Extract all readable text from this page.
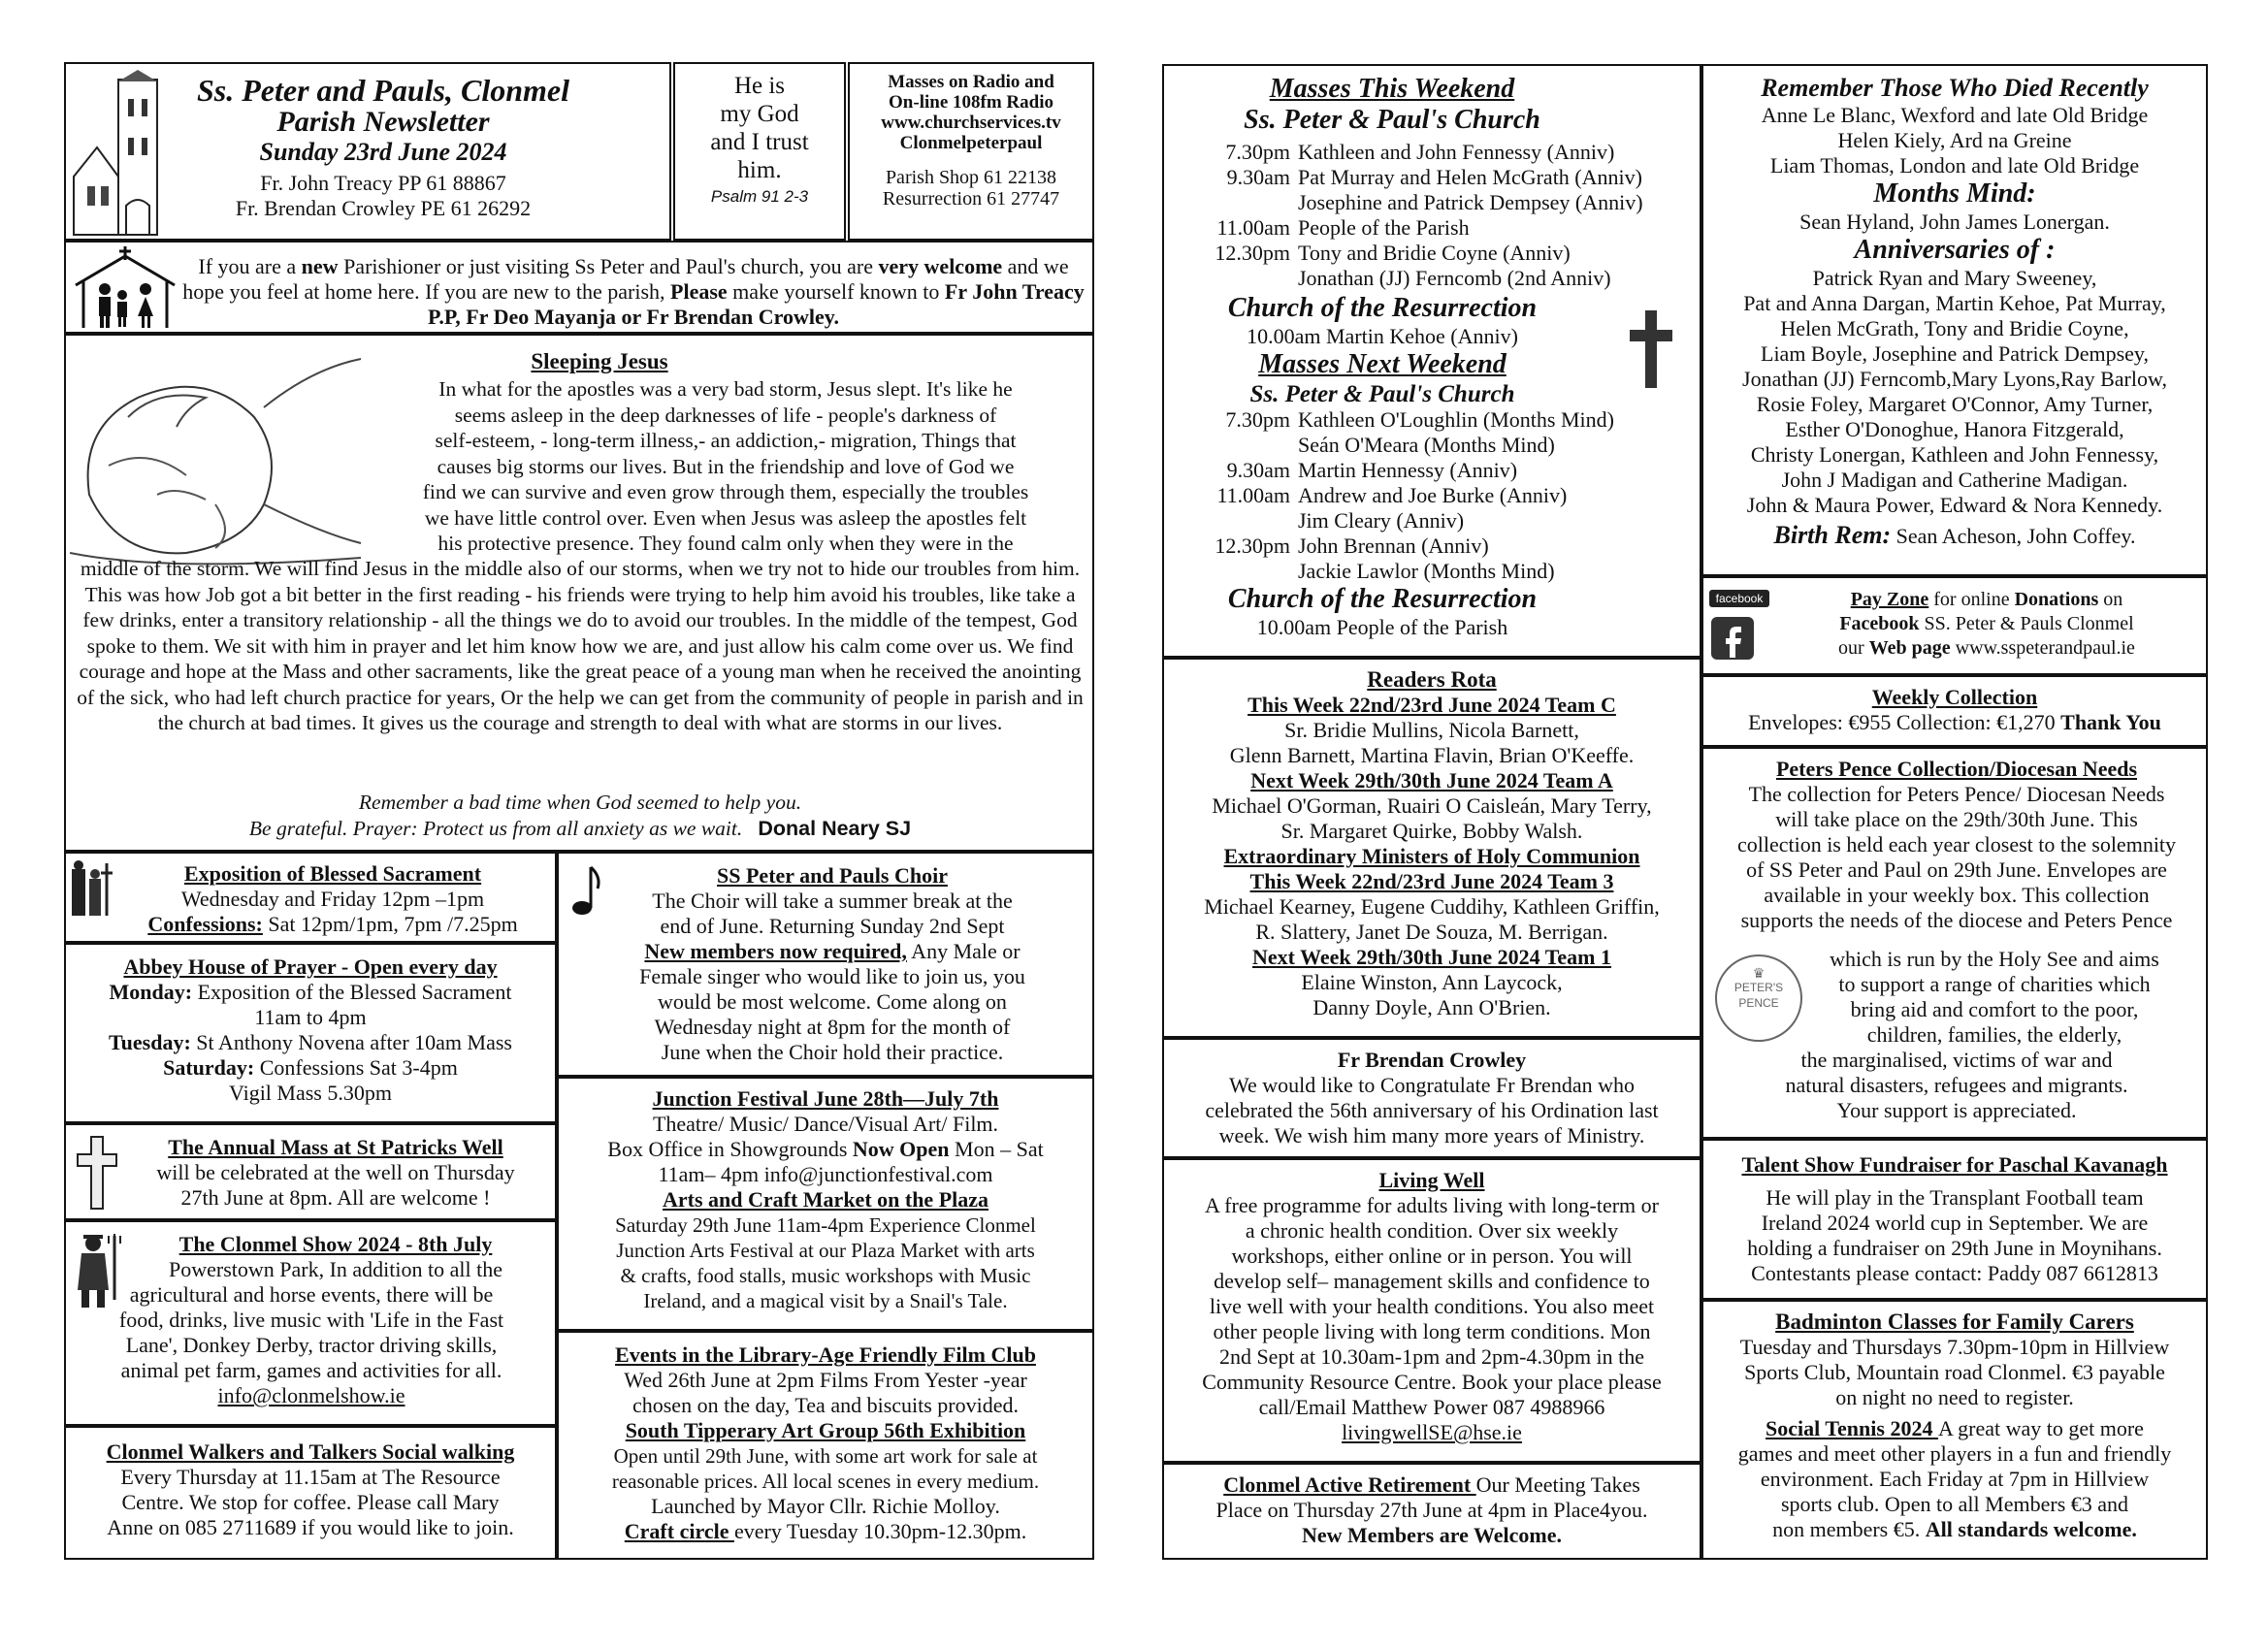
Ss. Peter and Pauls, Clonmel
Parish Newsletter
Sunday 23rd June 2024
Fr. John Treacy PP 61 88867
Fr. Brendan Crowley PE 61 26292
He is
my God
and I trust
him.
Psalm 91 2-3
Masses on Radio and
On-line 108fm Radio
www.churchservices.tv
Clonmelpeterpaul
Parish Shop 61 22138
Resurrection 61 27747
If you are a new Parishioner or just visiting Ss Peter and Paul's church, you are very welcome and we hope you feel at home here. If you are new to the parish, Please make yourself known to Fr John Treacy P.P, Fr Deo Mayanja or Fr Brendan Crowley.
Sleeping Jesus
In what for the apostles was a very bad storm, Jesus slept. It's like he
seems asleep in the deep darknesses of life - people's darkness of
self-esteem, - long-term illness,- an addiction,- migration, Things that
causes big storms our lives. But in the friendship and love of God we
find we can survive and even grow through them, especially the troubles
we have little control over. Even when Jesus was asleep the apostles felt
his protective presence. They found calm only when they were in the
middle of the storm. We will find Jesus in the middle also of our storms, when we try not to hide our troubles from him. This was how Job got a bit better in the first reading - his friends were trying to help him avoid his troubles, like take a few drinks, enter a transitory relationship - all the things we do to avoid our troubles. In the middle of the tempest, God spoke to them. We sit with him in prayer and let him know how we are, and just allow his calm come over us. We find courage and hope at the Mass and other sacraments, like the great peace of a young man when he received the anointing of the sick, who had left church practice for years, Or the help we can get from the community of people in parish and in the church at bad times. It gives us the courage and strength to deal with what are storms in our lives.
Remember a bad time when God seemed to help you.
Be grateful. Prayer: Protect us from all anxiety as we wait. Donal Neary SJ
Exposition of Blessed Sacrament
Wednesday and Friday 12pm –1pm
Confessions: Sat 12pm/1pm, 7pm /7.25pm
Abbey House of Prayer - Open every day
Monday: Exposition of the Blessed Sacrament
11am to 4pm
Tuesday: St Anthony Novena after 10am Mass
Saturday: Confessions Sat 3-4pm
Vigil Mass 5.30pm
The Annual Mass at St Patricks Well
will be celebrated at the well on Thursday
27th June at 8pm. All are welcome !
The Clonmel Show 2024 - 8th July
Powerstown Park, In addition to all the
agricultural and horse events, there will be
food, drinks, live music with 'Life in the Fast
Lane', Donkey Derby, tractor driving skills,
animal pet farm, games and activities for all.
info@clonmelshow.ie
Clonmel Walkers and Talkers Social walking
Every Thursday at 11.15am at The Resource
Centre. We stop for coffee. Please call Mary
Anne on 085 2711689 if you would like to join.
SS Peter and Pauls Choir
The Choir will take a summer break at the
end of June. Returning Sunday 2nd Sept
New members now required, Any Male or
Female singer who would like to join us, you
would be most welcome. Come along on
Wednesday night at 8pm for the month of
June when the Choir hold their practice.
Junction Festival June 28th—July 7th
Theatre/ Music/ Dance/Visual Art/ Film.
Box Office in Showgrounds Now Open Mon – Sat
11am– 4pm info@junctionfestival.com
Arts and Craft Market on the Plaza
Saturday 29th June 11am-4pm Experience Clonmel
Junction Arts Festival at our Plaza Market with arts
& crafts, food stalls, music workshops with Music
Ireland, and a magical visit by a Snail's Tale.
Events in the Library-Age Friendly Film Club
Wed 26th June at 2pm Films From Yester -year
chosen on the day, Tea and biscuits provided.
South Tipperary Art Group 56th Exhibition
Open until 29th June, with some art work for sale at
reasonable prices. All local scenes in every medium.
Launched by Mayor Cllr. Richie Molloy.
Craft circle every Tuesday 10.30pm-12.30pm.
Masses This Weekend
Ss. Peter & Paul's Church
7.30pm Kathleen and John Fennessy (Anniv)
9.30am Pat Murray and Helen McGrath (Anniv)
Josephine and Patrick Dempsey (Anniv)
11.00am People of the Parish
12.30pm Tony and Bridie Coyne (Anniv)
Jonathan (JJ) Ferncomb (2nd Anniv)
Church of the Resurrection
10.00am Martin Kehoe (Anniv)
Masses Next Weekend
Ss. Peter & Paul's Church
7.30pm Kathleen O'Loughlin (Months Mind)
Seán O'Meara (Months Mind)
9.30am Martin Hennessy (Anniv)
11.00am Andrew and Joe Burke (Anniv)
Jim Cleary (Anniv)
12.30pm John Brennan (Anniv)
Jackie Lawlor (Months Mind)
Church of the Resurrection
10.00am People of the Parish
Readers Rota
This Week 22nd/23rd June 2024 Team C
Sr. Bridie Mullins, Nicola Barnett,
Glenn Barnett, Martina Flavin, Brian O'Keeffe.
Next Week 29th/30th June 2024 Team A
Michael O'Gorman, Ruairi O Caisleán, Mary Terry,
Sr. Margaret Quirke, Bobby Walsh.
Extraordinary Ministers of Holy Communion
This Week 22nd/23rd June 2024 Team 3
Michael Kearney, Eugene Cuddihy, Kathleen Griffin,
R. Slattery, Janet De Souza, M. Berrigan.
Next Week 29th/30th June 2024 Team 1
Elaine Winston, Ann Laycock,
Danny Doyle, Ann O'Brien.
Fr Brendan Crowley
We would like to Congratulate Fr Brendan who
celebrated the 56th anniversary of his Ordination last
week. We wish him many more years of Ministry.
Living Well
A free programme for adults living with long-term or
a chronic health condition. Over six weekly
workshops, either online or in person. You will
develop self– management skills and confidence to
live well with your health conditions. You also meet
other people living with long term conditions. Mon
2nd Sept at 10.30am-1pm and 2pm-4.30pm in the
Community Resource Centre. Book your place please
call/Email Matthew Power 087 4988966
livingwellSE@hse.ie
Clonmel Active Retirement Our Meeting Takes
Place on Thursday 27th June at 4pm in Place4you.
New Members are Welcome.
Remember Those Who Died Recently
Anne Le Blanc, Wexford and late Old Bridge
Helen Kiely, Ard na Greine
Liam Thomas, London and late Old Bridge
Months Mind:
Sean Hyland, John James Lonergan.
Anniversaries of :
Patrick Ryan and Mary Sweeney,
Pat and Anna Dargan, Martin Kehoe, Pat Murray,
Helen McGrath, Tony and Bridie Coyne,
Liam Boyle, Josephine and Patrick Dempsey,
Jonathan (JJ) Ferncomb,Mary Lyons,Ray Barlow,
Rosie Foley, Margaret O'Connor, Amy Turner,
Esther O'Donoghue, Hanora Fitzgerald,
Christy Lonergan, Kathleen and John Fennessy,
John J Madigan and Catherine Madigan.
John & Maura Power, Edward & Nora Kennedy.
Birth Rem: Sean Acheson, John Coffey.
facebook	Pay Zone for online Donations on
Facebook SS. Peter & Pauls Clonmel
our Web page www.sspeterandpaul.ie
Weekly Collection
Envelopes: €955 Collection: €1,270 Thank You
Peters Pence Collection/Diocesan Needs
The collection for Peters Pence/ Diocesan Needs
will take place on the 29th/30th June. This
collection is held each year closest to the solemnity
of SS Peter and Paul on 29th June. Envelopes are
available in your weekly box. This collection
supports the needs of the diocese and Peters Pence
♛
PETER'S
PENCE
which is run by the Holy See and aims
to support a range of charities which
bring aid and comfort to the poor,
children, families, the elderly,
the marginalised, victims of war and
natural disasters, refugees and migrants.
Your support is appreciated.
Talent Show Fundraiser for Paschal Kavanagh
He will play in the Transplant Football team
Ireland 2024 world cup in September. We are
holding a fundraiser on 29th June in Moynihans.
Contestants please contact: Paddy 087 6612813
Badminton Classes for Family Carers
Tuesday and Thursdays 7.30pm-10pm in Hillview
Sports Club, Mountain road Clonmel. €3 payable
on night no need to register.
Social Tennis 2024 A great way to get more
games and meet other players in a fun and friendly
environment. Each Friday at 7pm in Hillview
sports club. Open to all Members €3 and
non members €5. All standards welcome.
